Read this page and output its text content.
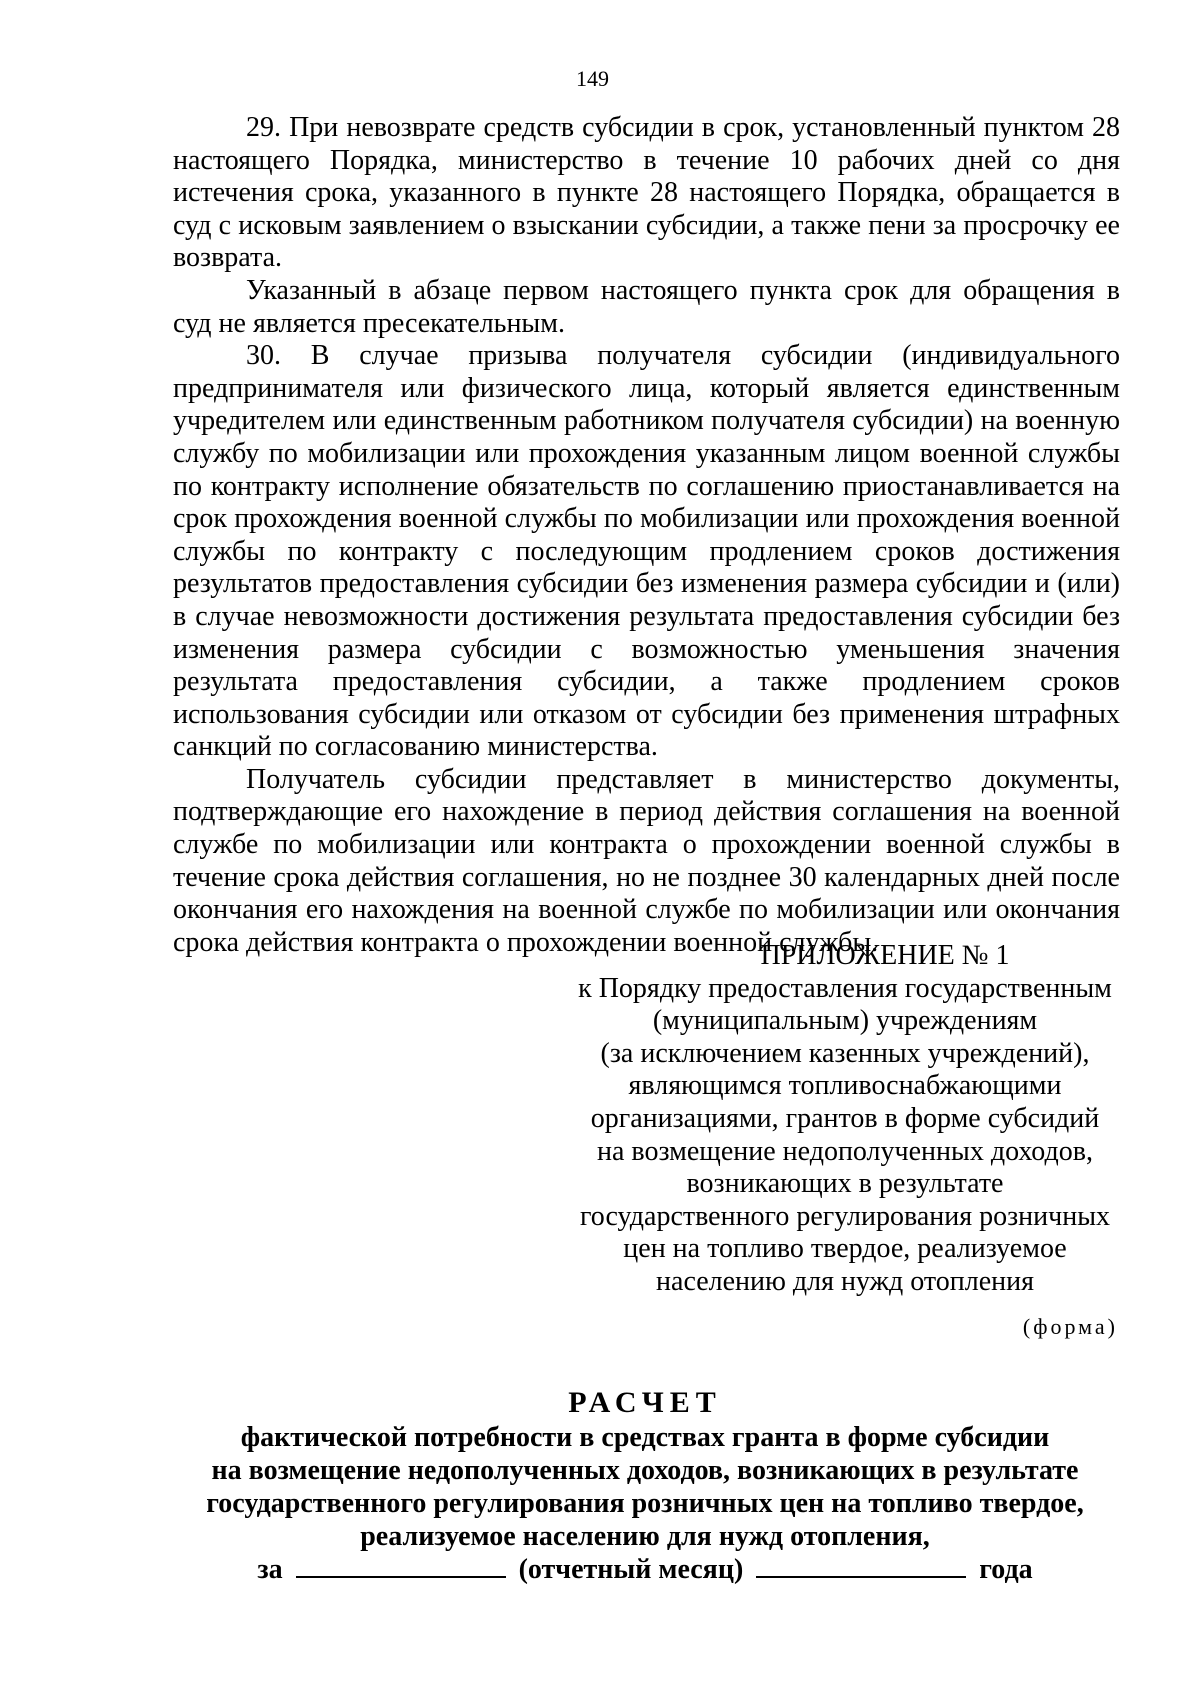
149

29. При невозврате средств субсидии в срок, установленный пунктом 28 настоящего Порядка, министерство в течение 10 рабочих дней со дня истечения срока, указанного в пункте 28 настоящего Порядка, обращается в суд с исковым заявлением о взыскании субсидии, а также пени за просрочку ее возврата.

Указанный в абзаце первом настоящего пункта срок для обращения в суд не является пресекательным.

30. В случае призыва получателя субсидии (индивидуального предпринимателя или физического лица, который является единственным учредителем или единственным работником получателя субсидии) на военную службу по мобилизации или прохождения указанным лицом военной службы по контракту исполнение обязательств по соглашению приостанавливается на срок прохождения военной службы по мобилизации или прохождения военной службы по контракту с последующим продлением сроков достижения результатов предоставления субсидии без изменения размера субсидии и (или) в случае невозможности достижения результата предоставления субсидии без изменения размера субсидии с возможностью уменьшения значения результата предоставления субсидии, а также продлением сроков использования субсидии или отказом от субсидии без применения штрафных санкций по согласованию министерства.

Получатель субсидии представляет в министерство документы, подтверждающие его нахождение в период действия соглашения на военной службе по мобилизации или контракта о прохождении военной службы в течение срока действия соглашения, но не позднее 30 календарных дней после окончания его нахождения на военной службе по мобилизации или окончания срока действия контракта о прохождении военной службы.

ПРИЛОЖЕНИЕ № 1
к Порядку предоставления государственным
(муниципальным) учреждениям
(за исключением казенных учреждений),
являющимся топливоснабжающими
организациями, грантов в форме субсидий
на возмещение недополученных доходов,
возникающих в результате
государственного регулирования розничных
цен на топливо твердое, реализуемое
населению для нужд отопления
(форма)
РАСЧЕТ
фактической потребности в средствах гранта в форме субсидии
на возмещение недополученных доходов, возникающих в результате
государственного регулирования розничных цен на топливо твердое,
реализуемое населению для нужд отопления,
за	(отчетный месяц)	года
